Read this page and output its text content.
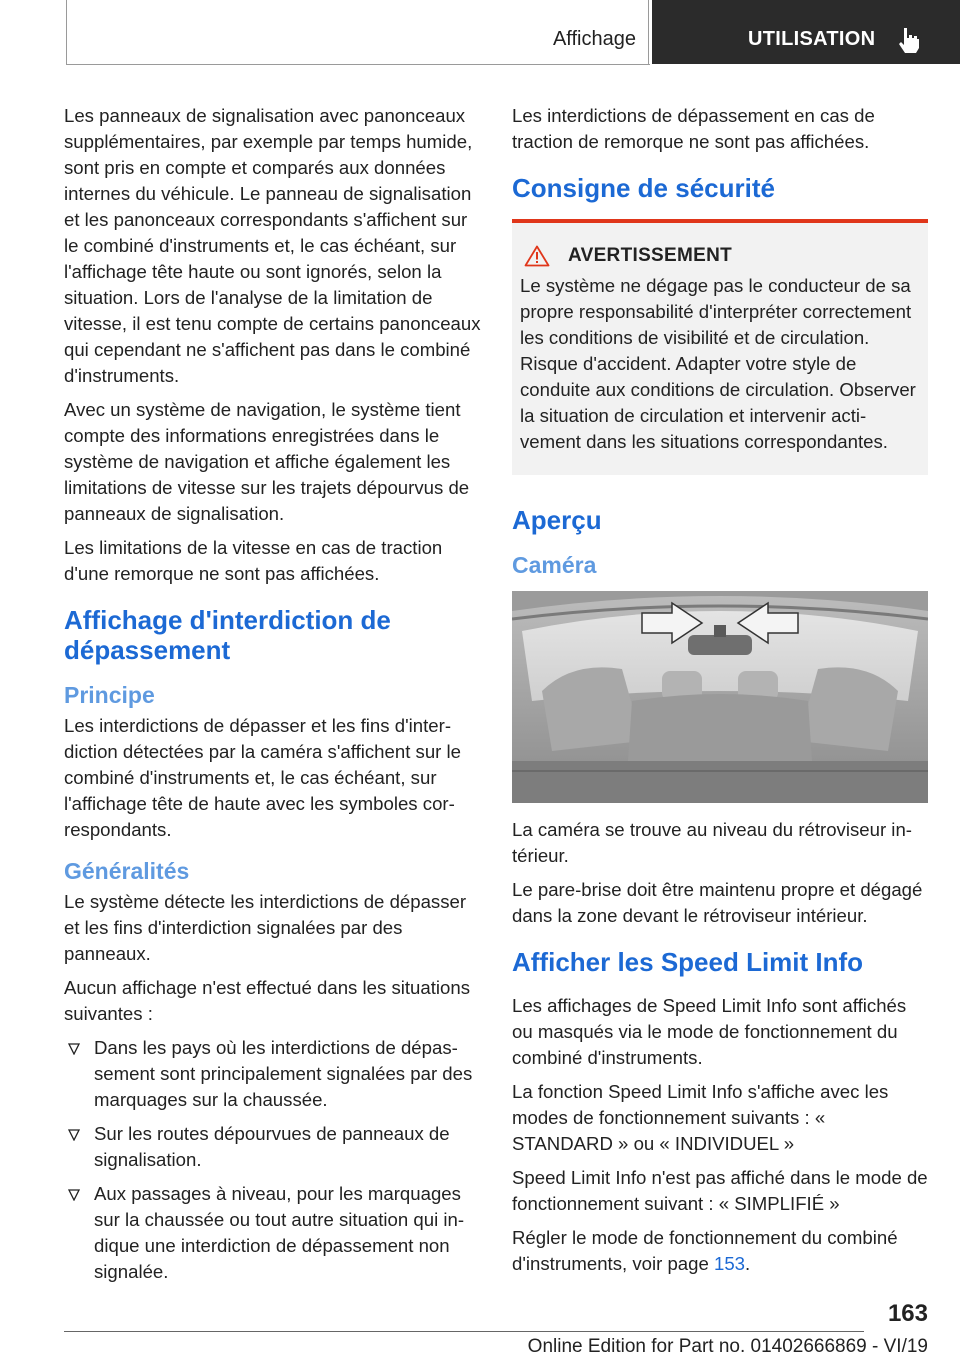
Affichage	UTILISATION

Les panneaux de signalisation avec panonceaux supplémentaires, par exemple par temps humide, sont pris en compte et comparés aux données internes du véhicule. Le panneau de signalisation et les panonceaux correspondants s'affichent sur le combiné d'instruments et, le cas échéant, sur l'affichage tête haute ou sont ignorés, selon la situation. Lors de l'analyse de la limitation de vitesse, il est tenu compte de certains panonceaux qui cependant ne s'affichent pas dans le combiné d'instruments.

Avec un système de navigation, le système tient compte des informations enregistrées dans le système de navigation et affiche également les limitations de vitesse sur les trajets dépourvus de panneaux de signalisation.

Les limitations de la vitesse en cas de traction d'une remorque ne sont pas affichées.

Affichage d'interdiction de dépassement
Principe

Les interdictions de dépasser et les fins d'interdiction détectées par la caméra s'affichent sur le combiné d'instruments et, le cas échéant, sur l'affichage tête de haute avec les symboles correspondants.

Généralités

Le système détecte les interdictions de dépasser et les fins d'interdiction signalées par des panneaux.

Aucun affichage n'est effectué dans les situations suivantes :

Dans les pays où les interdictions de dépassement sont principalement signalées par des marquages sur la chaussée.
Sur les routes dépourvues de panneaux de signalisation.
Aux passages à niveau, pour les marquages sur la chaussée ou tout autre situation qui indique une interdiction de dépassement non signalée.

Les interdictions de dépassement en cas de traction de remorque ne sont pas affichées.

Consigne de sécurité
AVERTISSEMENT

Le système ne dégage pas le conducteur de sa propre responsabilité d'interpréter correctement les conditions de visibilité et de circulation. Risque d'accident. Adapter votre style de conduite aux conditions de circulation. Observer la situation de circulation et intervenir activement dans les situations correspondantes.

Aperçu
Caméra

La caméra se trouve au niveau du rétroviseur intérieur.

Le pare-brise doit être maintenu propre et dégagé dans la zone devant le rétroviseur intérieur.

Afficher les Speed Limit Info

Les affichages de Speed Limit Info sont affichés ou masqués via le mode de fonctionnement du combiné d'instruments.

La fonction Speed Limit Info s'affiche avec les modes de fonctionnement suivants : « STANDARD » ou « INDIVIDUEL »

Speed Limit Info n'est pas affiché dans le mode de fonctionnement suivant : « SIMPLIFIÉ »

Régler le mode de fonctionnement du combiné d'instruments, voir page 153.

163
Online Edition for Part no. 01402666869 - VI/19
